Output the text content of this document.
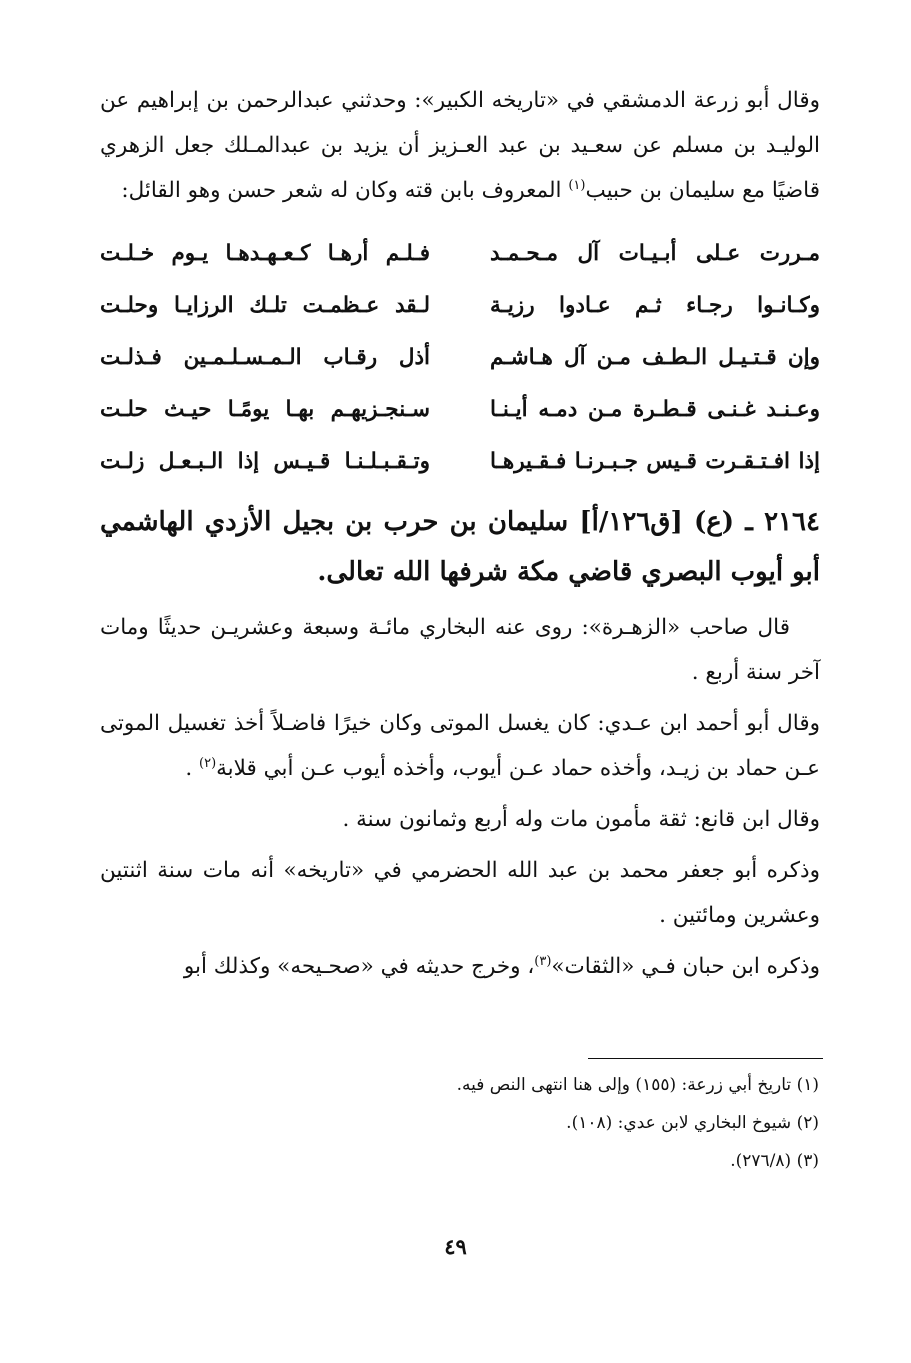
وقال أبو زرعة الدمشقي في «تاريخه الكبير»: وحدثني عبدالرحمن بن إبراهيم عن الوليـد بن مسلم عن سعـيد بن عبد العـزيز أن يزيد بن عبدالمـلك جعل الزهري قاضيًا مع سليمان بن حبيب$^{(١)}$ المعروف بابن قته وكان له شعر حسن وهو القائل:

مـررت عـلى أبـيـات آل مـحـمـد
فـلـم أرهـا كـعـهـدهـا يـوم خـلـت
وكـانـوا رجـاء ثـم عـادوا رزيـة
لـقد عـظمـت تلـك الرزايـا وحلـت
وإن قـتـيـل الـطـف مـن آل هـاشـم
أذل رقـاب الـمـسـلـمـين فـذلـت
وعـنـد غـنـى قـطـرة مـن دمـه أيـنـا
سـنجـزيهـم بهـا يومًـا حيـث حلـت
إذا افـتـقـرت قـيس جـبـرنـا فـقـيرهـا
وتـقـبـلـنـا قـيـس إذا الـبـعـل زلـت

٢١٦٤ ـ (ع) [ق١٢٦/أ] سليمان بن حرب بن بجيل الأزدي الهاشمي أبو أيوب البصري قاضي مكة شرفها الله تعالى.

قال صاحب «الزهـرة»: روى عنه البخاري مائـة وسبعة وعشريـن حديثًا ومات آخر سنة أربع .

وقال أبو أحمد ابن عـدي: كان يغسل الموتى وكان خيرًا فاضـلاً أخذ تغسيل الموتى عـن حماد بن زيـد، وأخذه حماد عـن أيوب، وأخذه أيوب عـن أبي قلابة$^{(٢)}$ .

وقال ابن قانع: ثقة مأمون مات وله أربع وثمانون سنة .

وذكره أبو جعفر محمد بن عبد الله الحضرمي في «تاريخه» أنه مات سنة اثنتين وعشرين ومائتين .

وذكره ابن حبان فـي «الثقات»$^{(٣)}$، وخرج حديثه في «صحـيحه» وكذلك أبو

(١) تاريخ أبي زرعة: (١٥٥) وإلى هنا انتهى النص فيه.

(٢) شيوخ البخاري لابن عدي: (١٠٨).

(٣) (٢٧٦/٨).

٤٩
